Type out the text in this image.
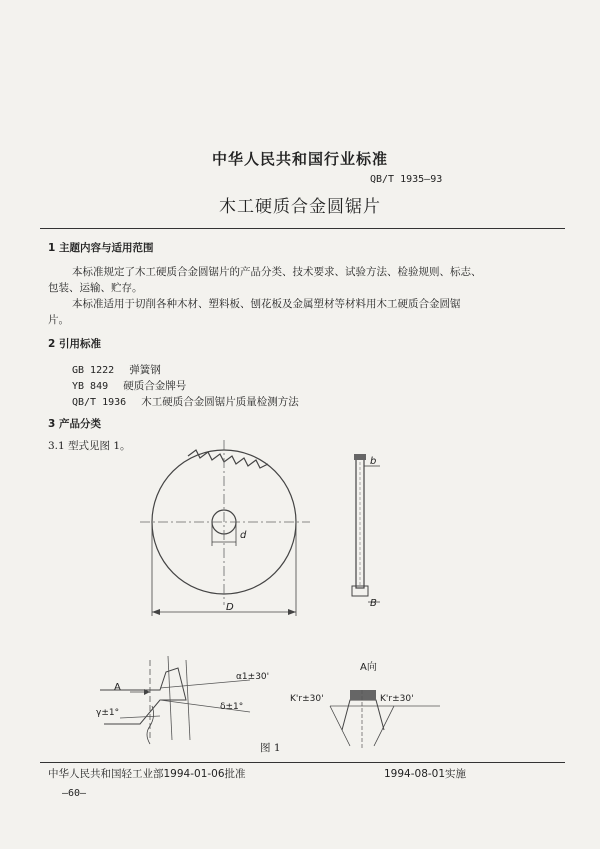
中华人民共和国行业标准
QB/T 1935—93
木工硬质合金圆锯片
1 主题内容与适用范围
本标准规定了木工硬质合金圆锯片的产品分类、技术要求、试验方法、检验规则、标志、
包装、运输、贮存。
本标准适用于切削各种木材、塑料板、刨花板及金属塑材等材料用木工硬质合金圆锯
片。
2 引用标准
GB 1222 弹簧钢
YB 849 硬质合金牌号
QB/T 1936 木工硬质合金圆锯片质量检测方法
3 产品分类
3.1 型式见图 1。
D
d
b
B
A
α1±30'
γ±1°
δ±1°
A向
K'r±30'	K'r±30'
图 1
中华人民共和国轻工业部1994-01-06批准	1994-08-01实施
—60—
